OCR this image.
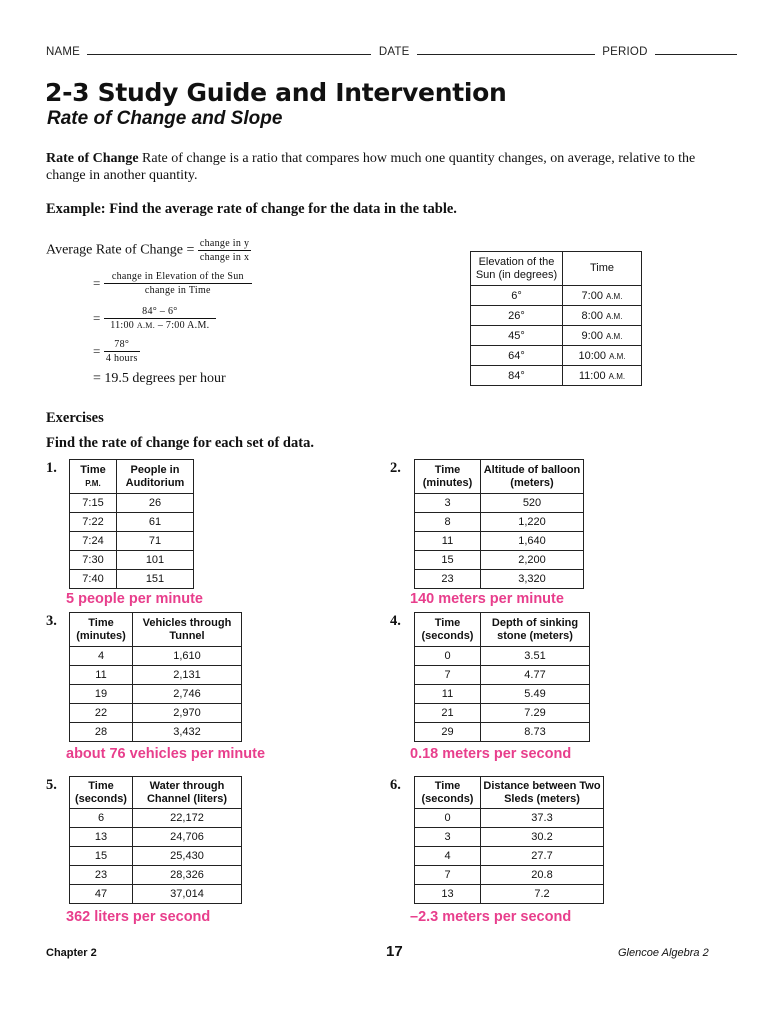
NAME	DATE	PERIOD
2-3 Study Guide and Intervention
Rate of Change and Slope
Rate of Change Rate of change is a ratio that compares how much one quantity changes, on average, relative to the change in another quantity.
Example: Find the average rate of change for the data in the table.
Average Rate of Change = $\frac{\text{change in y}}{\text{change in x}}$
= $\frac{\text{change in Elevation of the Sun}}{\text{change in Time}}$
= $\frac{84^\circ - 6^\circ}{11:00 A.M. - 7:00 A.M.}$
= $\frac{78^\circ}{\text{4 hours}}$
= 19.5 degrees per hour
Elevation of the Sun (in degrees)	Time
6°	7:00 A.M.
26°	8:00 A.M.
45°	9:00 A.M.
64°	10:00 A.M.
84°	11:00 A.M.
Exercises
Find the rate of change for each set of data.
1. Time
P.M.	People in Auditorium
7:15	26
7:22	61
7:24	71
7:30	101
7:40	151
5 people per minute
2.	Time (minutes)	Altitude of balloon (meters)
3	520
8	1,220
11	1,640
15	2,200
23	3,320
140 meters per minute
3.	Time (minutes)	Vehicles through Tunnel
4	1,610
11	2,131
19	2,746
22	2,970
28	3,432
about 76 vehicles per minute
4.	Time (seconds)	Depth of sinking stone (meters)
0	3.51
7	4.77
11	5.49
21	7.29
29	8.73
0.18 meters per second
5.	Time (seconds)	Water through Channel (liters)
6	22,172
13	24,706
15	25,430
23	28,326
47	37,014
362 liters per second
6.	Time (seconds)	Distance between Two Sleds (meters)
0	37.3
3	30.2
4	27.7
7	20.8
13	7.2
–2.3 meters per second
Chapter 2	17	Glencoe Algebra 2
